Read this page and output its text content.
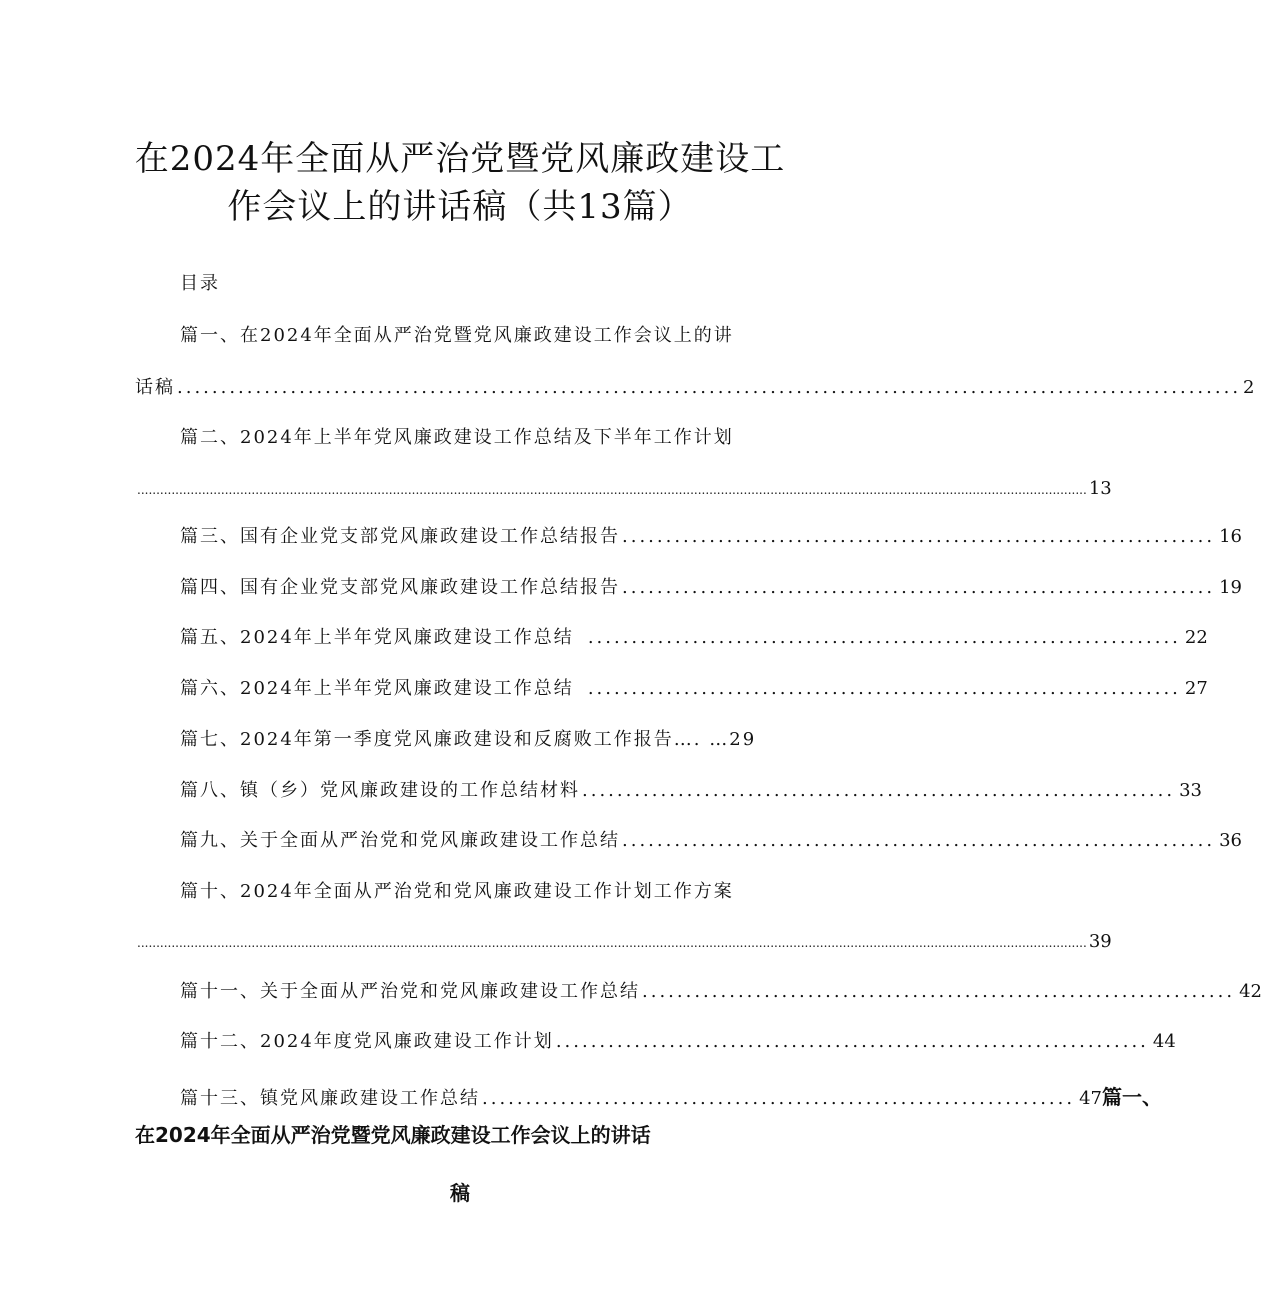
在2024年全面从严治党暨党风廉政建设工
作会议上的讲话稿（共13篇）
目录
篇一、在2024年全面从严治党暨党风廉政建设工作会议上的讲
话稿 .......................................................................................................................... 2
篇二、2024年上半年党风廉政建设工作总结及下半年工作计划
......................................................................................................................................................................................................................................................... 13
篇三、国有企业党支部党风廉政建设工作总结报告 .................................................................... 16
篇四、国有企业党支部党风廉政建设工作总结报告 .................................................................... 19
篇五、2024年上半年党风廉政建设工作总结 .................................................................... 22
篇六、2024年上半年党风廉政建设工作总结 .................................................................... 27
篇七、2024年第一季度党风廉政建设和反腐败工作报告…. …29
篇八、镇（乡）党风廉政建设的工作总结材料 .................................................................... 33
篇九、关于全面从严治党和党风廉政建设工作总结 .................................................................... 36
篇十、2024年全面从严治党和党风廉政建设工作计划工作方案
......................................................................................................................................................................................................................................................... 39
篇十一、关于全面从严治党和党风廉政建设工作总结 .................................................................... 42
篇十二、2024年度党风廉政建设工作计划 .................................................................... 44
篇十三、镇党风廉政建设工作总结 .................................................................... 47 篇一、
在2024年全面从严治党暨党风廉政建设工作会议上的讲话
稿
